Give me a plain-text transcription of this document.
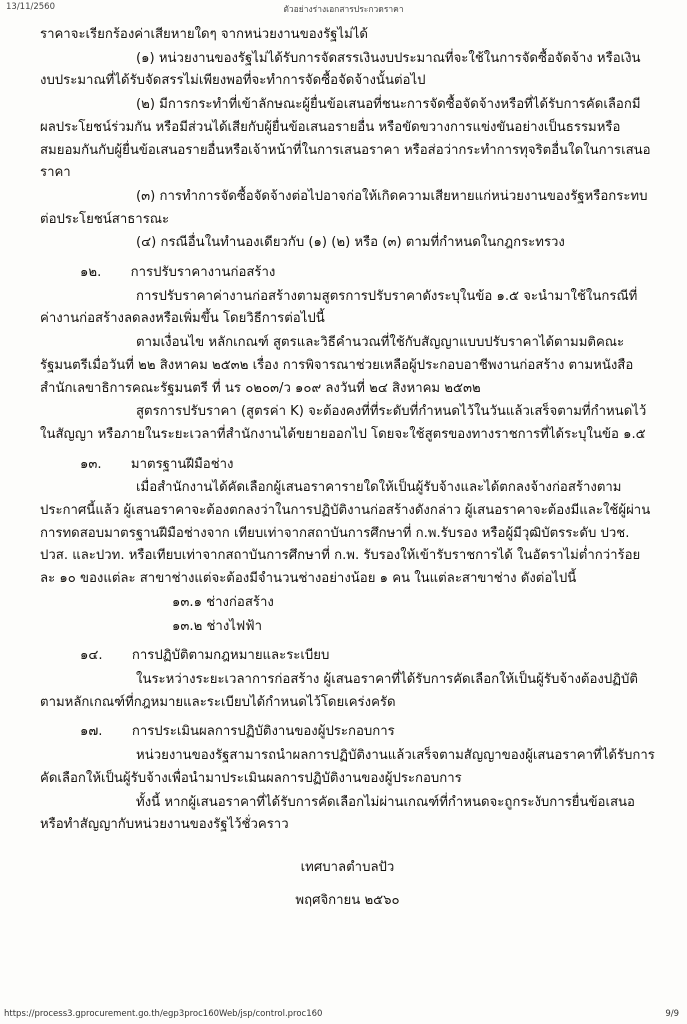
13/11/2560	ตัวอย่างร่างเอกสารประกวดราคา

ราคาจะเรียกร้องค่าเสียหายใดๆ จากหน่วยงานของรัฐไม่ได้

(๑) หน่วยงานของรัฐไม่ได้รับการจัดสรรเงินงบประมาณที่จะใช้ในการจัดซื้อจัดจ้าง หรือเงินงบประมาณที่ได้รับจัดสรรไม่เพียงพอที่จะทำการจัดซื้อจัดจ้างนั้นต่อไป

(๒) มีการกระทำที่เข้าลักษณะผู้ยื่นข้อเสนอที่ชนะการจัดซื้อจัดจ้างหรือที่ได้รับการคัดเลือกมีผลประโยชน์ร่วมกัน หรือมีส่วนได้เสียกับผู้ยื่นข้อเสนอรายอื่น หรือขัดขวางการแข่งขันอย่างเป็นธรรมหรือสมยอมกันกับผู้ยื่นข้อเสนอรายอื่นหรือเจ้าหน้าที่ในการเสนอราคา หรือส่อว่ากระทำการทุจริตอื่นใดในการเสนอราคา

(๓) การทำการจัดซื้อจัดจ้างต่อไปอาจก่อให้เกิดความเสียหายแก่หน่วยงานของรัฐหรือกระทบต่อประโยชน์สาธารณะ

(๔) กรณีอื่นในทำนองเดียวกับ (๑) (๒) หรือ (๓) ตามที่กำหนดในกฎกระทรวง

๑๒. การปรับราคางานก่อสร้าง

การปรับราคาค่างานก่อสร้างตามสูตรการปรับราคาดังระบุในข้อ ๑.๕ จะนำมาใช้ในกรณีที่ ค่างานก่อสร้างลดลงหรือเพิ่มขึ้น โดยวิธีการต่อไปนี้

ตามเงื่อนไข หลักเกณฑ์ สูตรและวิธีคำนวณที่ใช้กับสัญญาแบบปรับราคาได้ตามมติคณะรัฐมนตรีเมื่อวันที่ ๒๒ สิงหาคม ๒๕๓๒ เรื่อง การพิจารณาช่วยเหลือผู้ประกอบอาชีพงานก่อสร้าง ตามหนังสือสำนักเลขาธิการคณะรัฐมนตรี ที่ นร ๐๒๐๓/ว ๑๐๙ ลงวันที่ ๒๔ สิงหาคม ๒๕๓๒

สูตรการปรับราคา (สูตรค่า K) จะต้องคงที่ที่ระดับที่กำหนดไว้ในวันแล้วเสร็จตามที่กำหนดไว้ในสัญญา หรือภายในระยะเวลาที่สำนักงานได้ขยายออกไป โดยจะใช้สูตรของทางราชการที่ได้ระบุในข้อ ๑.๕

๑๓. มาตรฐานฝีมือช่าง

เมื่อสำนักงานได้คัดเลือกผู้เสนอราคารายใดให้เป็นผู้รับจ้างและได้ตกลงจ้างก่อสร้างตามประกาศนี้แล้ว ผู้เสนอราคาจะต้องตกลงว่าในการปฏิบัติงานก่อสร้างดังกล่าว ผู้เสนอราคาจะต้องมีและใช้ผู้ผ่านการทดสอบมาตรฐานฝีมือช่างจาก เทียบเท่าจากสถาบันการศึกษาที่ ก.พ.รับรอง หรือผู้มีวุฒิบัตรระดับ ปวช. ปวส. และปวท. หรือเทียบเท่าจากสถาบันการศึกษาที่ ก.พ. รับรองให้เข้ารับราชการได้ ในอัตราไม่ต่ำกว่าร้อยละ ๑๐ ของแต่ละ สาขาช่างแต่จะต้องมีจำนวนช่างอย่างน้อย ๑ คน ในแต่ละสาขาช่าง ดังต่อไปนี้

๑๓.๑ ช่างก่อสร้าง

๑๓.๒ ช่างไฟฟ้า

๑๔. การปฏิบัติตามกฎหมายและระเบียบ

ในระหว่างระยะเวลาการก่อสร้าง ผู้เสนอราคาที่ได้รับการคัดเลือกให้เป็นผู้รับจ้างต้องปฏิบัติตามหลักเกณฑ์ที่กฎหมายและระเบียบได้กำหนดไว้โดยเคร่งครัด

๑๗. การประเมินผลการปฏิบัติงานของผู้ประกอบการ

หน่วยงานของรัฐสามารถนำผลการปฏิบัติงานแล้วเสร็จตามสัญญาของผู้เสนอราคาที่ได้รับการคัดเลือกให้เป็นผู้รับจ้างเพื่อนำมาประเมินผลการปฏิบัติงานของผู้ประกอบการ

ทั้งนี้ หากผู้เสนอราคาที่ได้รับการคัดเลือกไม่ผ่านเกณฑ์ที่กำหนดจะถูกระงับการยื่นข้อเสนอหรือทำสัญญากับหน่วยงานของรัฐไว้ชั่วคราว

เทศบาลตำบลปัว

พฤศจิกายน ๒๕๖๐

https://process3.gprocurement.go.th/egp3proc160Web/jsp/control.proc160	9/9
